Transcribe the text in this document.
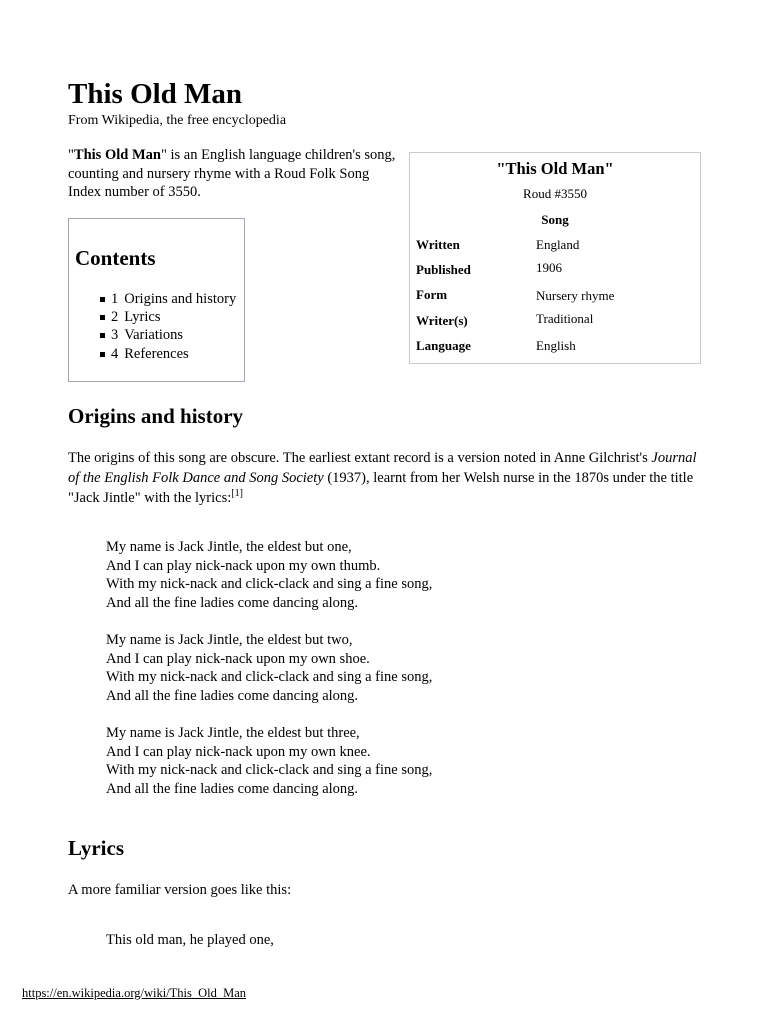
This Old Man
From Wikipedia, the free encyclopedia
"This Old Man" is an English language children's song, counting and nursery rhyme with a Roud Folk Song Index number of 3550.
Contents
1 Origins and history
2 Lyrics
3 Variations
4 References
"This Old Man"
Roud #3550
Song
Written	England
Published	1906
Form	Nursery rhyme
Writer(s)	Traditional
Language	English
Origins and history
The origins of this song are obscure. The earliest extant record is a version noted in Anne Gilchrist's Journal of the English Folk Dance and Song Society (1937), learnt from her Welsh nurse in the 1870s under the title "Jack Jintle" with the lyrics:[1]
My name is Jack Jintle, the eldest but one,
And I can play nick-nack upon my own thumb.
With my nick-nack and click-clack and sing a fine song,
And all the fine ladies come dancing along.
My name is Jack Jintle, the eldest but two,
And I can play nick-nack upon my own shoe.
With my nick-nack and click-clack and sing a fine song,
And all the fine ladies come dancing along.
My name is Jack Jintle, the eldest but three,
And I can play nick-nack upon my own knee.
With my nick-nack and click-clack and sing a fine song,
And all the fine ladies come dancing along.
Lyrics
A more familiar version goes like this:
This old man, he played one,
https://en.wikipedia.org/wiki/This_Old_Man
